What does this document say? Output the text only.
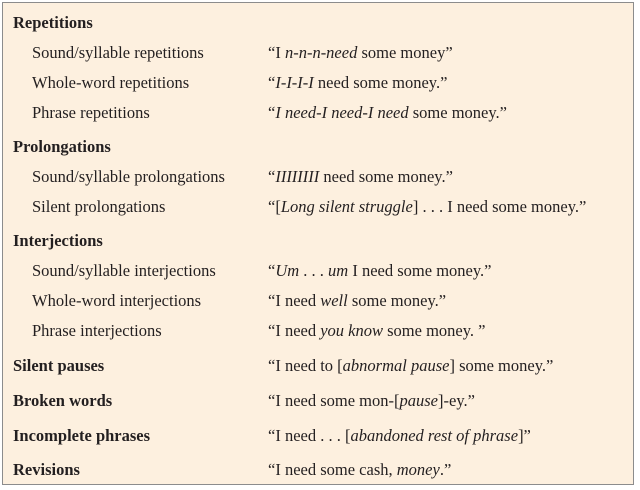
Repetitions
Sound/syllable repetitions	“I n-n-n-need some money”
Whole-word repetitions	“I-I-I-I need some money.”
Phrase repetitions	“I need-I need-I need some money.”
Prolongations
Sound/syllable prolongations	“IIIIIIII need some money.”
Silent prolongations	“[Long silent struggle] . . . I need some money.”
Interjections
Sound/syllable interjections	“Um . . . um I need some money.”
Whole-word interjections	“I need well some money.”
Phrase interjections	“I need you know some money. ”
Silent pauses	“I need to [abnormal pause] some money.”
Broken words	“I need some mon-[pause]-ey.”
Incomplete phrases	“I need . . . [abandoned rest of phrase]”
Revisions	“I need some cash, money.”
